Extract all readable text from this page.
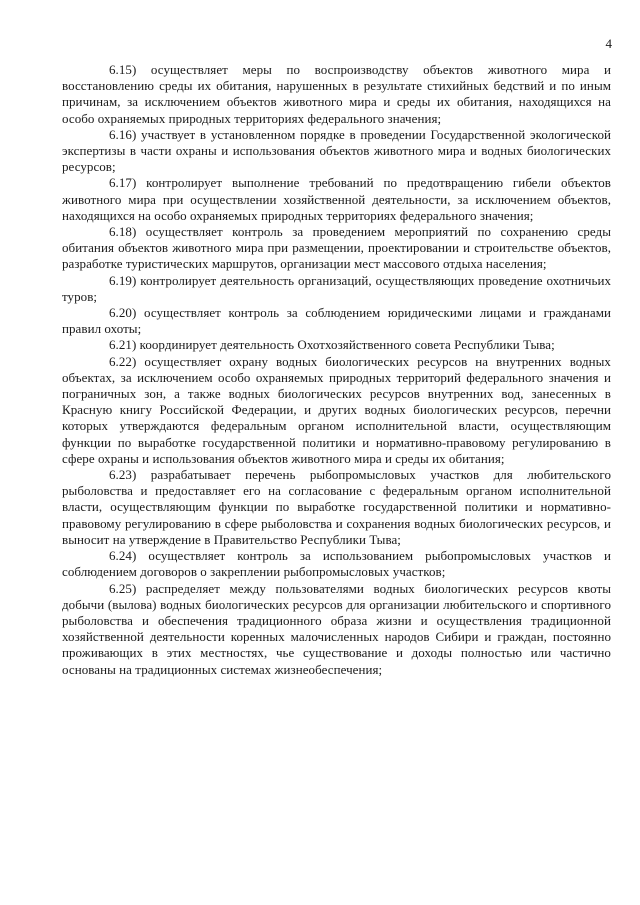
4

6.15) осуществляет меры по воспроизводству объектов животного мира и восстановлению среды их обитания, нарушенных в результате стихийных бедствий и по иным причинам, за исключением объектов животного мира и среды их обитания, находящихся на особо охраняемых природных территориях федерального значения;

6.16) участвует в установленном порядке в проведении Государственной экологической экспертизы в части охраны и использования объектов животного мира и водных биологических ресурсов;

6.17) контролирует выполнение требований по предотвращению гибели объектов животного мира при осуществлении хозяйственной деятельности, за исключением объектов, находящихся на особо охраняемых природных территориях федерального значения;

6.18) осуществляет контроль за проведением мероприятий по сохранению среды обитания объектов животного мира при размещении, проектировании и строительстве объектов, разработке туристических маршрутов, организации мест массового отдыха населения;

6.19) контролирует деятельность организаций, осуществляющих проведение охотничьих туров;

6.20) осуществляет контроль за соблюдением юридическими лицами и гражданами правил охоты;

6.21) координирует деятельность Охотхозяйственного совета Республики Тыва;

6.22) осуществляет охрану водных биологических ресурсов на внутренних водных объектах, за исключением особо охраняемых природных территорий федерального значения и пограничных зон, а также водных биологических ресурсов внутренних вод, занесенных в Красную книгу Российской Федерации, и других водных биологических ресурсов, перечни которых утверждаются федеральным органом исполнительной власти, осуществляющим функции по выработке государственной политики и нормативно-правовому регулированию в сфере охраны и использования объектов животного мира и среды их обитания;

6.23) разрабатывает перечень рыбопромысловых участков для любительского рыболовства и предоставляет его на согласование с федеральным органом исполнительной власти, осуществляющим функции по выработке государственной политики и нормативно-правовому регулированию в сфере рыболовства и сохранения водных биологических ресурсов, и выносит на утверждение в Правительство Республики Тыва;

6.24) осуществляет контроль за использованием рыбопромысловых участков и соблюдением договоров о закреплении рыбопромысловых участков;

6.25) распределяет между пользователями водных биологических ресурсов квоты добычи (вылова) водных биологических ресурсов для организации любительского и спортивного рыболовства и обеспечения традиционного образа жизни и осуществления традиционной хозяйственной деятельности коренных малочисленных народов Сибири и граждан, постоянно проживающих в этих местностях, чье существование и доходы полностью или частично основаны на традиционных системах жизнеобеспечения;
